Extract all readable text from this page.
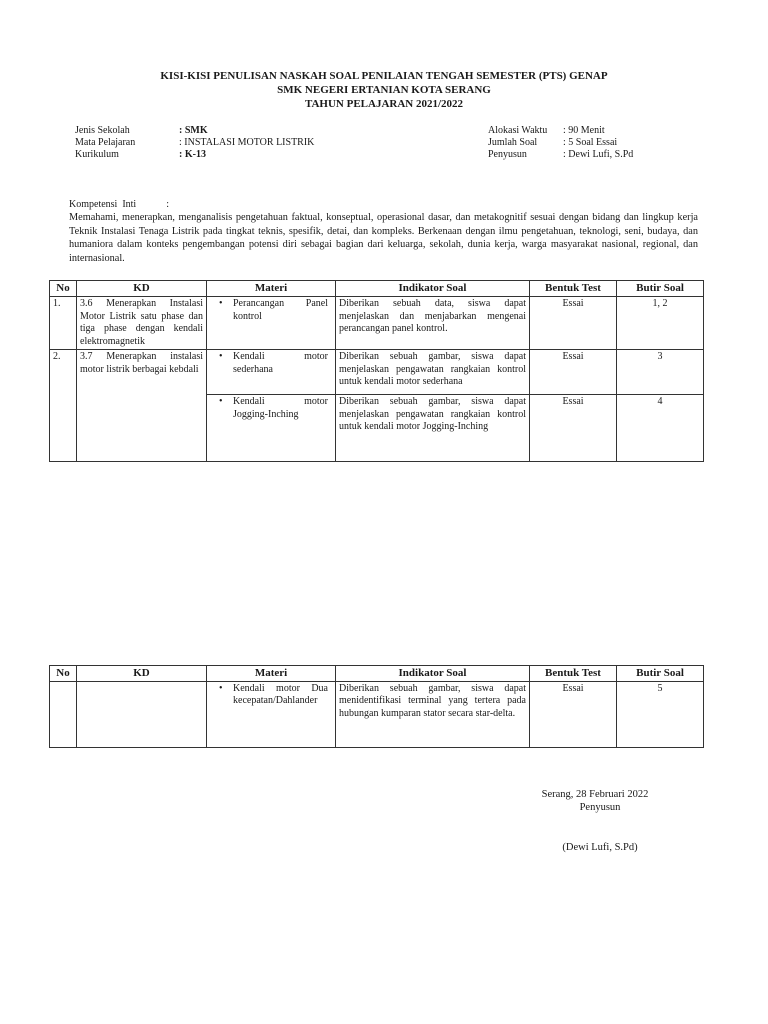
KISI-KISI PENULISAN NASKAH SOAL PENILAIAN TENGAH SEMESTER (PTS) GENAP
SMK NEGERI ERTANIAN KOTA SERANG
TAHUN PELAJARAN 2021/2022
Jenis Sekolah	: SMK
Mata Pelajaran	: INSTALASI MOTOR LISTRIK
Kurikulum	: K-13
Alokasi Waktu : 90 Menit
Jumlah Soal	: 5 Soal Essai
Penyusun	: Dewi Lufi, S.Pd
Kompetensi  Inti            :
Memahami, menerapkan, menganalisis pengetahuan faktual, konseptual, operasional dasar, dan metakognitif sesuai dengan bidang dan lingkup kerja Teknik Instalasi Tenaga Listrik pada tingkat teknis, spesifik, detai, dan kompleks. Berkenaan dengan ilmu pengetahuan, teknologi, seni, budaya, dan humaniora dalam konteks pengembangan potensi diri sebagai bagian dari keluarga, sekolah, dunia kerja, warga masyarakat nasional, regional, dan internasional.
No	KD	Materi	Indikator Soal	Bentuk Test	Butir Soal
1.	3.6 Menerapkan Instalasi Motor Listrik satu phase dan tiga phase dengan kendali elektromagnetik	• Perancangan Panel kontrol	Diberikan sebuah data, siswa dapat menjelaskan dan menjabarkan mengenai perancangan panel kontrol.	Essai	1, 2
2.	3.7 Menerapkan instalasi motor listrik berbagai kebdali	• Kendali motor sederhana	Diberikan sebuah gambar, siswa dapat menjelaskan pengawatan rangkaian kontrol untuk kendali motor sederhana	Essai	3

		• Kendali motor Jogging-Inching	Diberikan sebuah gambar, siswa dapat menjelaskan pengawatan rangkaian kontrol untuk kendali motor Jogging-Inching	Essai	4
No	KD	Materi	Indikator Soal	Bentuk Test	Butir Soal

		• Kendali motor Dua kecepatan/Dahlander	Diberikan sebuah gambar, siswa dapat menidentifikasi terminal yang tertera pada hubungan kumparan stator secara star-delta.	Essai	5
Serang, 28 Februari 2022
Penyusun
(Dewi Lufi, S.Pd)
